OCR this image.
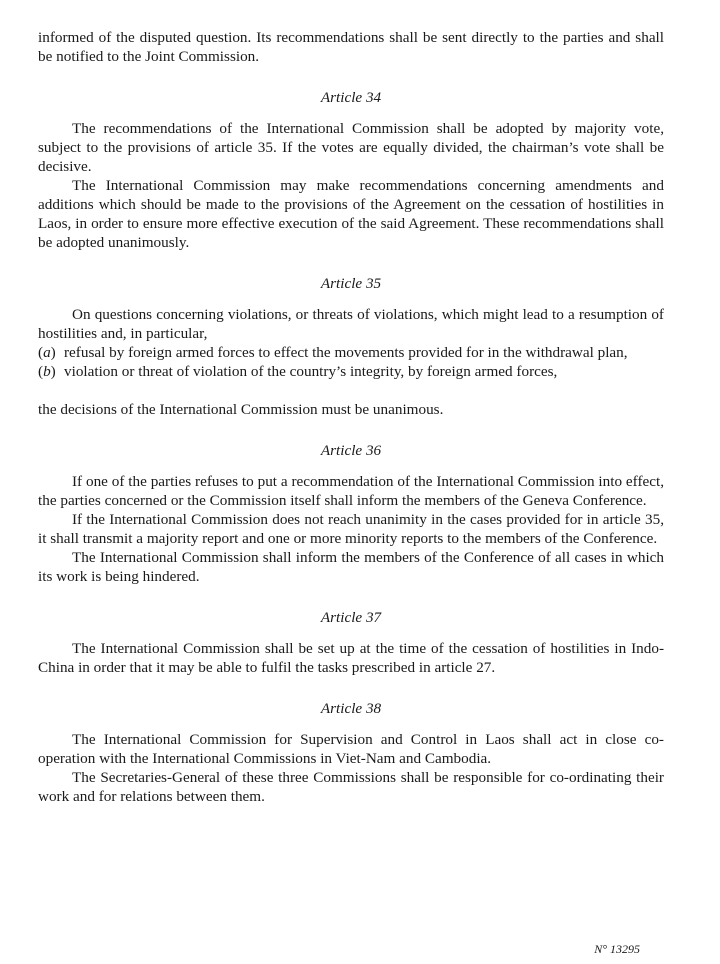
informed of the disputed question. Its recommendations shall be sent directly to the parties and shall be notified to the Joint Commission.

Article 34

The recommendations of the International Commission shall be adopted by majority vote, subject to the provisions of article 35. If the votes are equally divided, the chairman’s vote shall be decisive.

The International Commission may make recommendations concerning amendments and additions which should be made to the provisions of the Agreement on the cessation of hostilities in Laos, in order to ensure more effective execution of the said Agreement. These recommendations shall be adopted unanimously.

Article 35

On questions concerning violations, or threats of violations, which might lead to a resumption of hostilities and, in particular,

(a) refusal by foreign armed forces to effect the movements provided for in the withdrawal plan,
(b) violation or threat of violation of the country’s integrity, by foreign armed forces,

the decisions of the International Commission must be unanimous.

Article 36

If one of the parties refuses to put a recommendation of the International Commission into effect, the parties concerned or the Commission itself shall inform the members of the Geneva Conference.

If the International Commission does not reach unanimity in the cases provided for in article 35, it shall transmit a majority report and one or more minority reports to the members of the Conference.

The International Commission shall inform the members of the Conference of all cases in which its work is being hindered.

Article 37

The International Commission shall be set up at the time of the cessation of hostilities in Indo-China in order that it may be able to fulfil the tasks prescribed in article 27.

Article 38

The International Commission for Supervision and Control in Laos shall act in close co-operation with the International Commissions in Viet-Nam and Cambodia.

The Secretaries-General of these three Commissions shall be responsible for co-ordinating their work and for relations between them.

N° 13295
